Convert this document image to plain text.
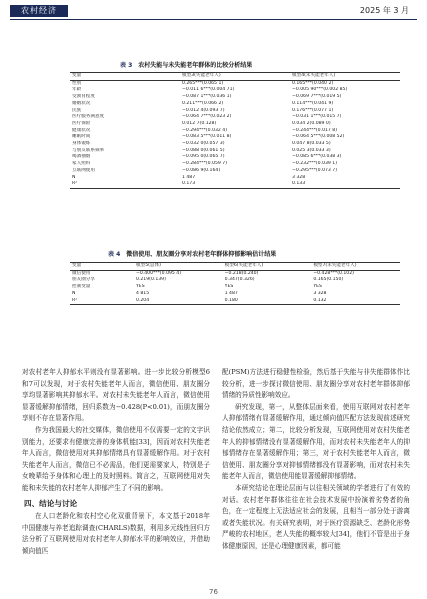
农村经济	2025 年 3 月
表 3 农村失能与未失能老年群体的比较分析结果
变量	模型3(失能老年人)	模型4(未失能老年人)
性别	0.265***(0.065 1)	0.165***(0.040 2)
年龄	−0.011 6***(0.004 71)	−0.005 90***(0.002 85)
受教育程度	−0.087 1***(0.036 1)	−0.069 7***(0.019 5)
婚姻状况	0.211***(0.066 2)	0.114***(0.041 9)
民族	−0.012 4(0.093 7)	0.176***(0.077 1)
医疗服务满意度	−0.064 7***(0.023 2)	−0.031 1***(0.015 7)
医疗保险	0.012 7(0.128)	0.034 2(0.089 0)
健康状况	−0.294***(0.032 4)	−0.244***(0.017 8)
睡眠时间	−0.083 5***(0.011 8)	−0.064 5***(0.008 52)
身体锻炼	−0.032 0(0.057 3)	0.047 8(0.033 5)
与朋友联系频率	−0.088 0(0.061 5)	0.025 3(0.033 3)
喝酒抽烟	−0.095 0(0.065 7)	−0.085 6***(0.038 3)
家人照料	−0.284***(0.059 7)	−0.232***(0.039 1)
互联网使用	−0.086 9(0.164)	−0.295***(0.073 7)
N	1 487	3 328
R²	0.173	0.133
表 4 微信使用、朋友圈分享对农村老年群体抑郁影响估计结果
变量	模型5(总体)	模型6(失能老年人)	模型7(未失能老年人)
微信使用	−0.400***(0.095 4)	−0.218(0.240)	−0.428***(0.102)
朋友圈分享	0.219(0.139)	0.347(0.326)	0.165(0.150)
控制变量	YES	YES	YES
N	4 815	1 487	3 328
R²	0.204	0.180	0.132

对农村老年人抑郁水平则没有显著影响。进一步比较分析模型6和7可以发现，对于农村失能老年人而言，微信使用、朋友圈分享均显著影响其抑郁水平。对农村未失能老年人而言，微信使用显著缓解抑郁情绪，回归系数为−0.428(P<0.01)，而朋友圈分享则不存在显著作用。

作为我国最大的社交媒体，微信使用不仅需要一定的文字识别能力，还要求有健康完善的身体机能[33]，因而对农村失能老年人而言，微信使用对其抑郁情绪具有显著缓解作用。对于农村失能老年人而言，微信已不必需品，他们更需要家人，特别是子女晚辈给予身体和心理上的及时照料。简言之，互联网使用对失能和未失能的农村老年人抑郁产生了不同的影响。

四、结论与讨论

在人口老龄化和农村空心化双重背景下，本文基于2018年中国健康与养老追踪调查(CHARLS)数据，利用多元线性回归方法分析了互联网使用对农村老年人抑郁水平的影响效应，并借助倾向值匹

配(PSM)方法进行稳健性检验，然后基于失能与非失能群体作比较分析，进一步探讨微信使用、朋友圈分享对农村老年群体抑郁情绪的异质性影响效应。

研究发现，第一，从整体层面来看，使用互联网对农村老年人抑郁情绪有显著缓解作用，通过倾向值匹配方法发现前述研究结论依然成立；第二，比较分析发现，互联网使用对农村失能老年人的抑郁情绪没有显著缓解作用，而对农村未失能老年人的抑郁情绪存在显著缓解作用；第三，对于农村失能老年人而言，微信使用、朋友圈分享对抑郁情绪都没有显著影响，而对农村未失能老年人而言，微信使用能显著缓解抑郁情绪。

本研究结论在理论层面与以往相关领域的学者进行了有效的对话。农村老年群体往往在社会技术发展中扮演着劣势者的角色，在一定程度上无法适应社会的发展，且相当一部分处于游离或者失能状况。有关研究表明，对于医疗资源缺乏、老龄化形势严峻的农村地区，老人失能的概率较大[34]，他们不管是出于身体健康原因，还是心理健康因素，都可能

76
